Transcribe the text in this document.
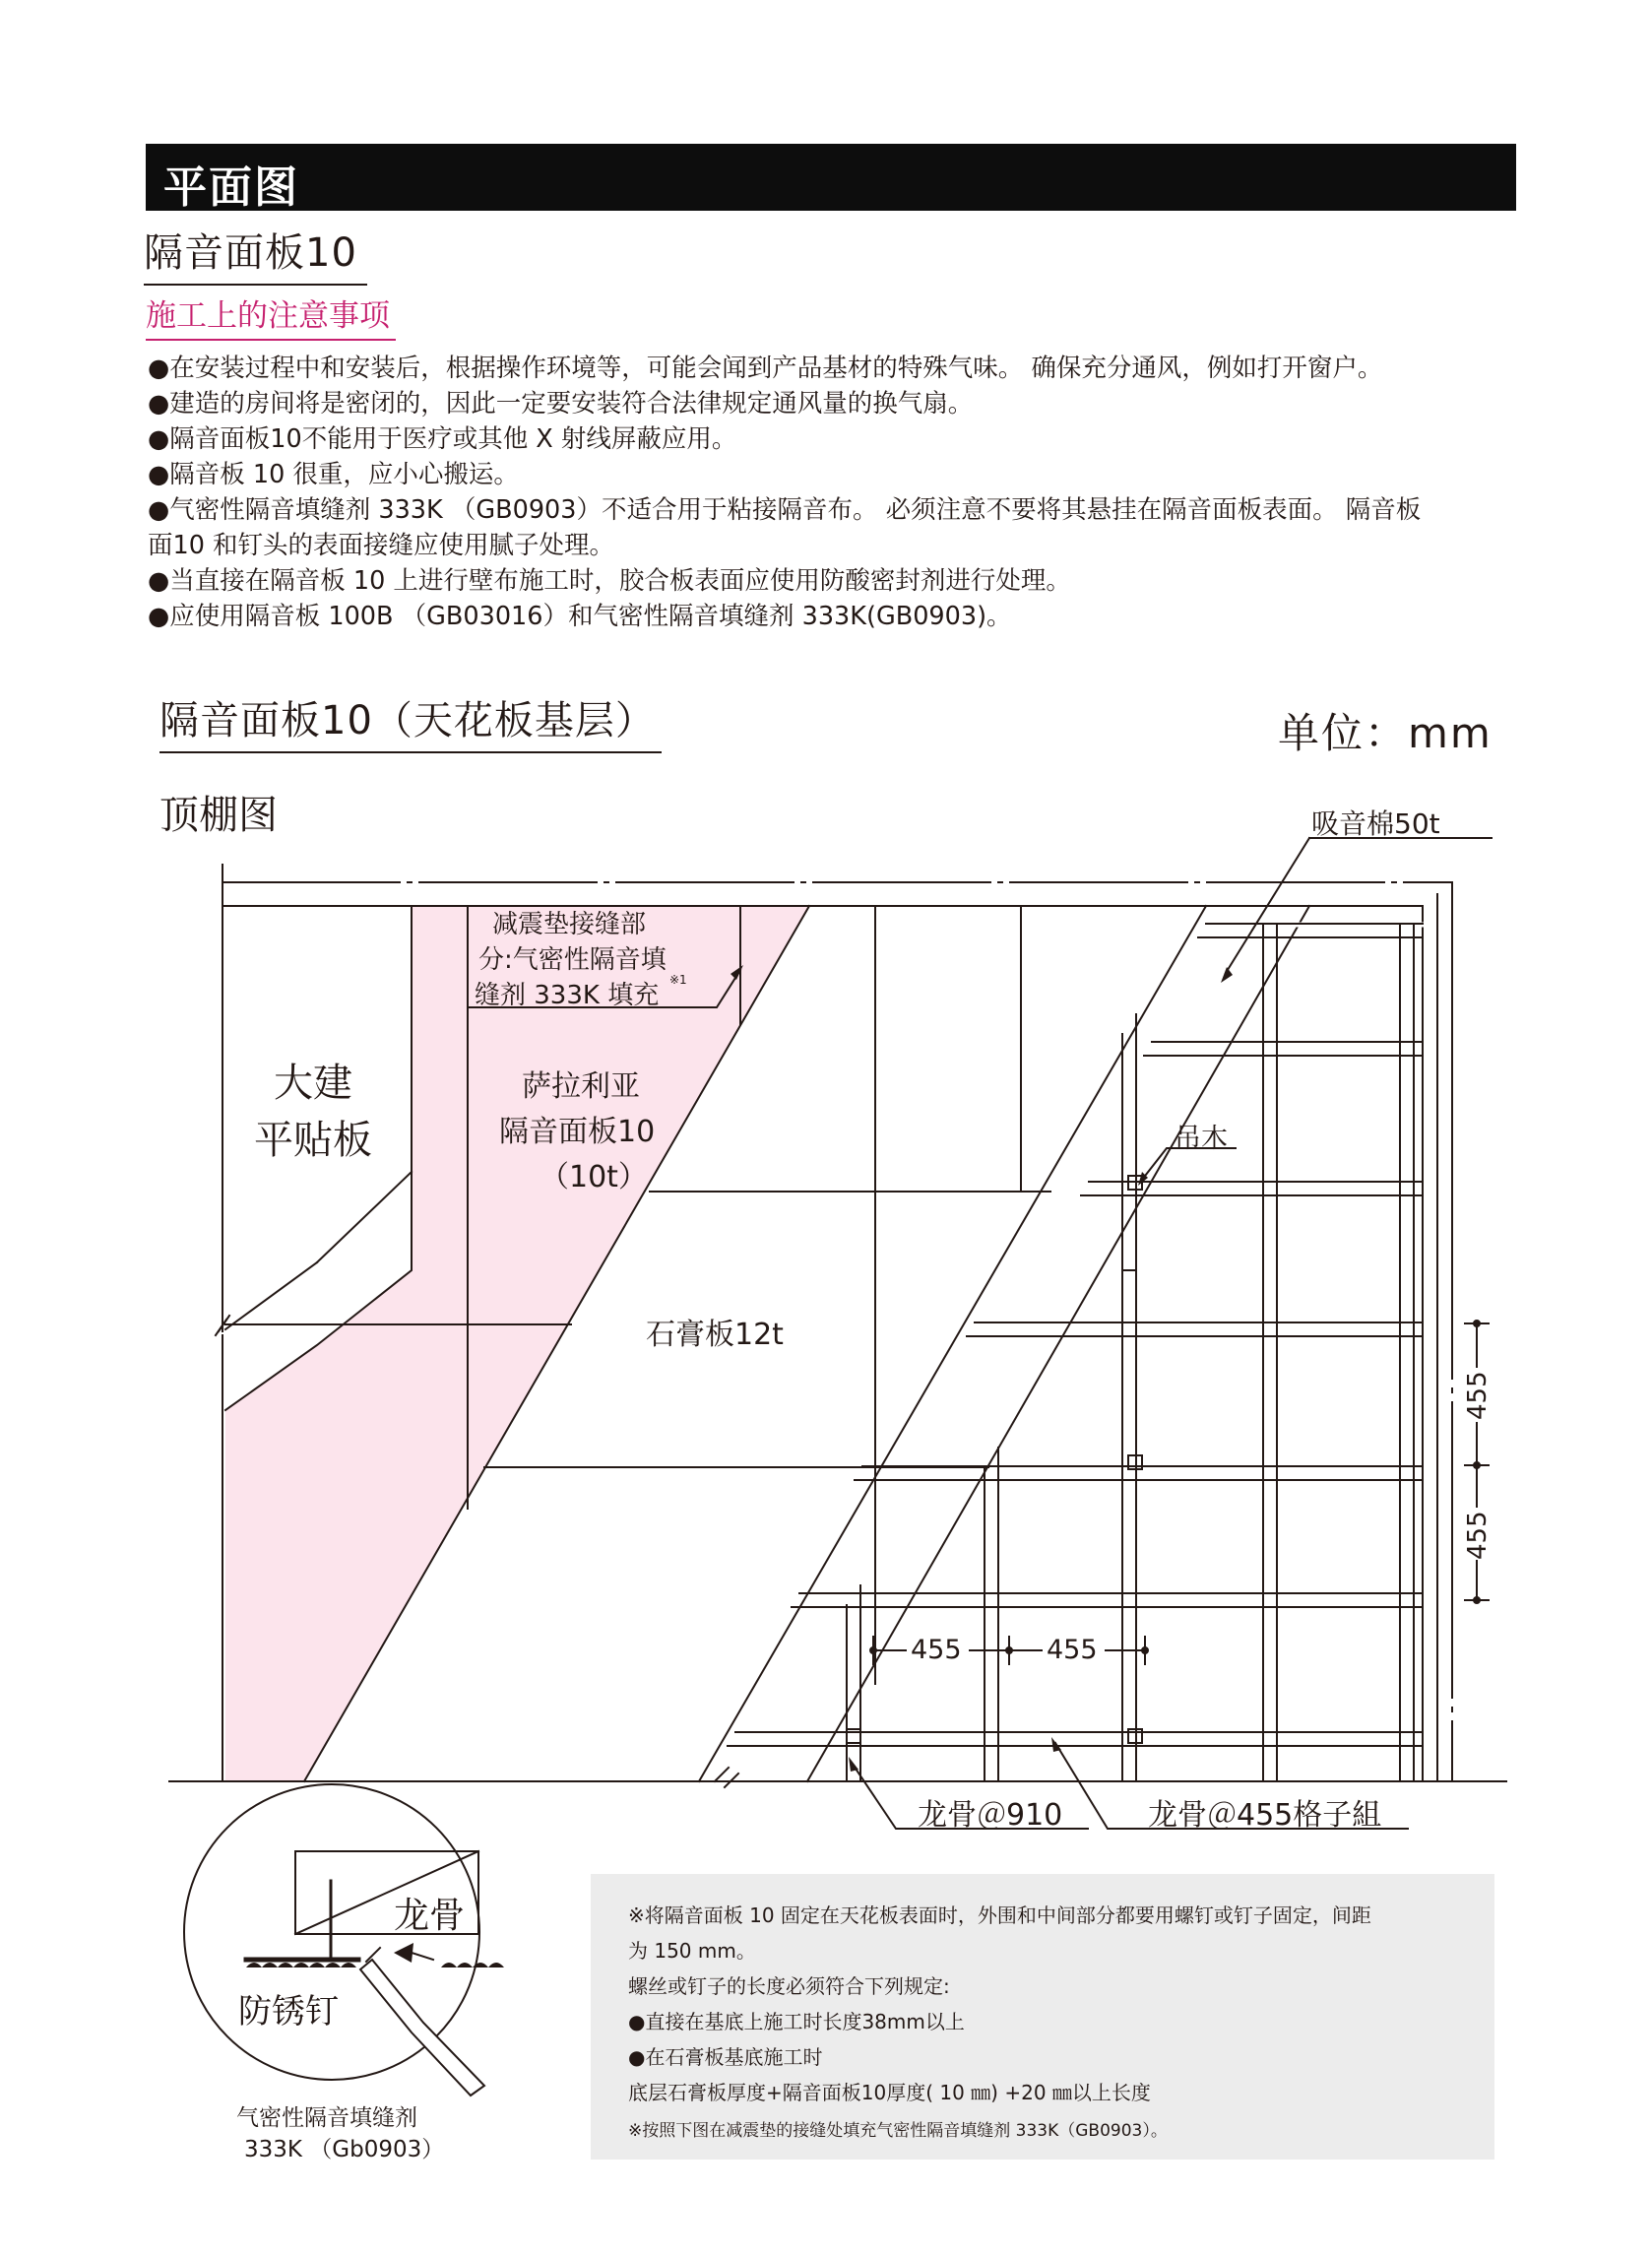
平面图
隔音面板10
施工上的注意事项

●在安装过程中和安装后，根据操作环境等，可能会闻到产品基材的特殊气味。 确保充分通风，例如打开窗户。

●建造的房间将是密闭的，因此一定要安装符合法律规定通风量的换气扇。

●隔音面板10不能用于医疗或其他 X 射线屏蔽应用。

●隔音板 10 很重，应小心搬运。

●气密性隔音填缝剂 333K （GB0903）不适合用于粘接隔音布。 必须注意不要将其悬挂在隔音面板表面。 隔音板

面10 和钉头的表面接缝应使用腻子处理。

●当直接在隔音板 10 上进行壁布施工时，胶合板表面应使用防酸密封剂进行处理。

●应使用隔音板 100B （GB03016）和气密性隔音填缝剂 333K(GB0903)。

隔音面板10（天花板基层）	单位：mm
顶棚图	吸音棉50t
减震垫接缝部
分:气密性隔音填
缝剂 333K 填充
※1
大建
平贴板
萨拉利亚
隔音面板10
（10t）
石膏板12t
吊木
455
455
455	455
龙骨＠910	龙骨＠455格子組
龙骨
防锈钉
气密性隔音填缝剂
333K （Gb0903）

※将隔音面板 10 固定在天花板表面时，外围和中间部分都要用螺钉或钉子固定，间距

为 150 mm。

螺丝或钉子的长度必须符合下列规定:

●直接在基底上施工时长度38mm以上

●在石膏板基底施工时

底层石膏板厚度+隔音面板10厚度( 10 ㎜) +20 ㎜以上长度

※按照下图在减震垫的接缝处填充气密性隔音填缝剂 333K（GB0903）。
